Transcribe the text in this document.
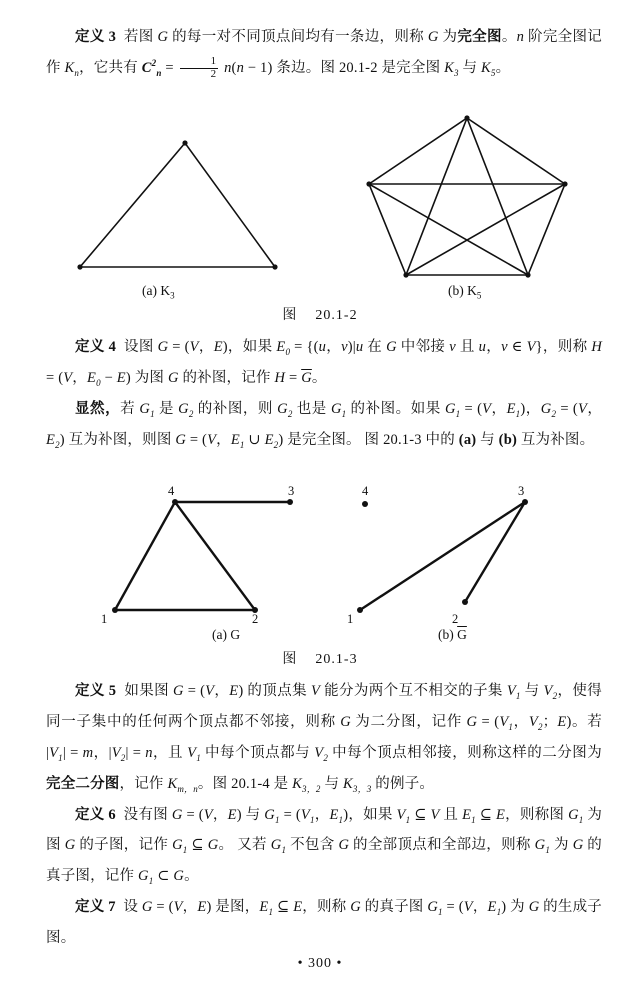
定义 3 若图 G 的每一对不同顶点间均有一条边，则称 G 为完全图。n 阶完全图记作 $K_n$，它共有 $C^2_n = \frac{1}{2} n(n - 1)$ 条边。图 20.1-2 是完全图 $K_3$ 与 $K_5$。

(a) $K_3$	(b) $K_5$
图 20.1-2

定义 4 设图 G = (V，E)，如果 $E_0 = \{(u$，v)|u 在 G 中邻接 v 且 u，v ∈ V}，则称 H = (V，$E_0 - E$) 为图 G 的补图，记作 $H = \overline{G}$。

显然，若 $G_1$ 是 $G_2$ 的补图，则 $G_2$ 也是 $G_1$ 的补图。如果 $G_1 = (V$，$E_1$)，$G_2 = (V$，$E_2$) 互为补图，则图 G = (V，$E_1$ ∪ $E_2$) 是完全图。 图 20.1-3 中的 (a) 与 (b) 互为补图。

4	3
1	2
4	3
1	2
(a) G	(b) $\overline{G}$
图 20.1-3

定义 5 如果图 G = (V，E) 的顶点集 V 能分为两个互不相交的子集 $V_1$ 与 $V_2$，使得同一子集中的任何两个顶点都不邻接，则称 G 为二分图，记作 $G = (V_1$，$V_2$；E)。若 $|V_1| = m$，$|V_2| = n$，且 $V_1$ 中每个顶点都与 $V_2$ 中每个顶点相邻接，则称这样的二分图为完全二分图，记作 $K_{m,n}$。图 20.1-4 是 $K_{3,2}$ 与 $K_{3,3}$ 的例子。

定义 6 没有图 G = (V，E) 与 $G_1 = (V_1$，$E_1$)，如果 $V_1$ ⊆ V 且 $E_1$ ⊆ E，则称图 $G_1$ 为图 G 的子图，记作 $G_1$ ⊆ G。 又若 $G_1$ 不包含 G 的全部顶点和全部边，则称 $G_1$ 为 G 的真子图，记作 $G_1$ ⊂ G。

定义 7 设 G = (V，E) 是图，$E_1$ ⊆ E，则称 G 的真子图 $G_1 = (V$，$E_1$) 为 G 的生成子图。

• 300 •
